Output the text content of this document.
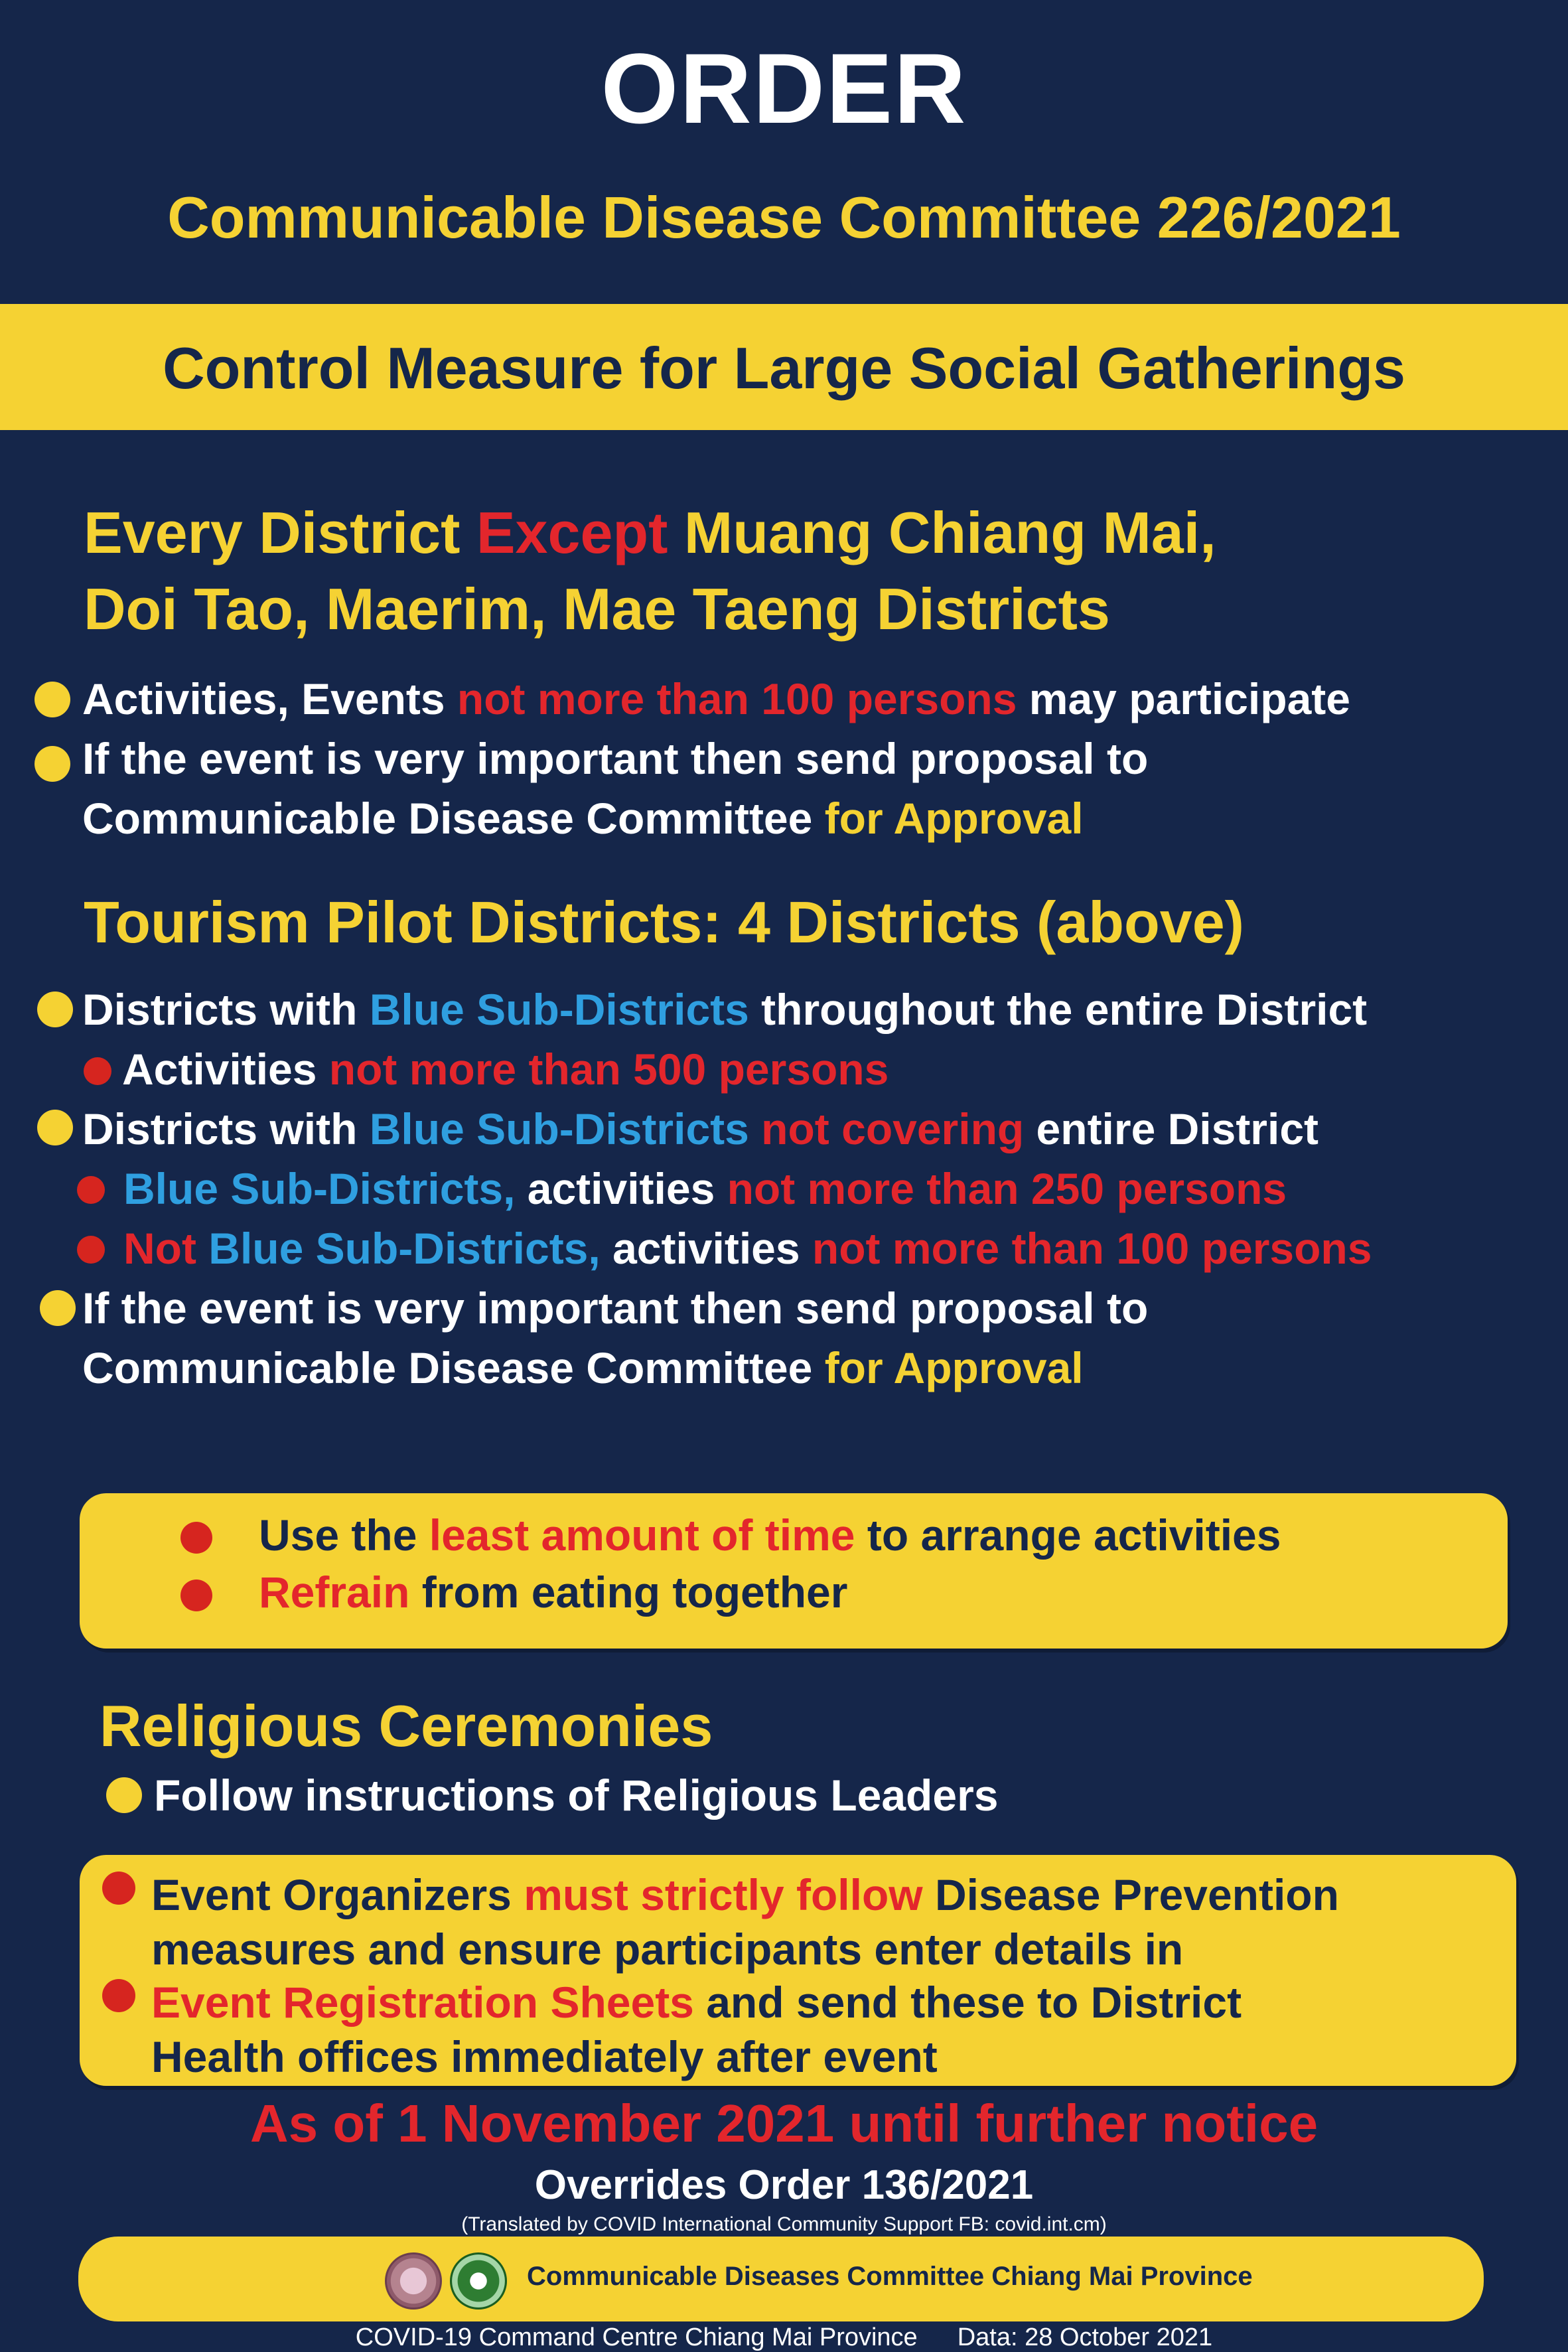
ORDER
Communicable Disease Committee 226/2021
Control Measure for Large Social Gatherings
Every District Except Muang Chiang Mai,
Doi Tao, Maerim, Mae Taeng Districts
Activities, Events not more than 100 persons may participate
If the event is very important then send proposal to
Communicable Disease Committee for Approval
Tourism Pilot Districts: 4 Districts (above)
Districts with Blue Sub-Districts throughout the entire District
Activities not more than 500 persons
Districts with Blue Sub-Districts not covering entire District
Blue Sub-Districts, activities not more than 250 persons
Not Blue Sub-Districts, activities not more than 100 persons
If the event is very important then send proposal to
Communicable Disease Committee for Approval
Use the least amount of time to arrange activities
Refrain from eating together
Religious Ceremonies
Follow instructions of Religious Leaders
Event Organizers must strictly follow Disease Prevention
measures and ensure participants enter details in
Event Registration Sheets and send these to District
Health offices immediately after event
As of 1 November 2021 until further notice
Overrides Order 136/2021
(Translated by COVID International Community Support FB: covid.int.cm)
Communicable Diseases Committee Chiang Mai Province
COVID-19 Command Centre Chiang Mai Province Data: 28 October 2021
